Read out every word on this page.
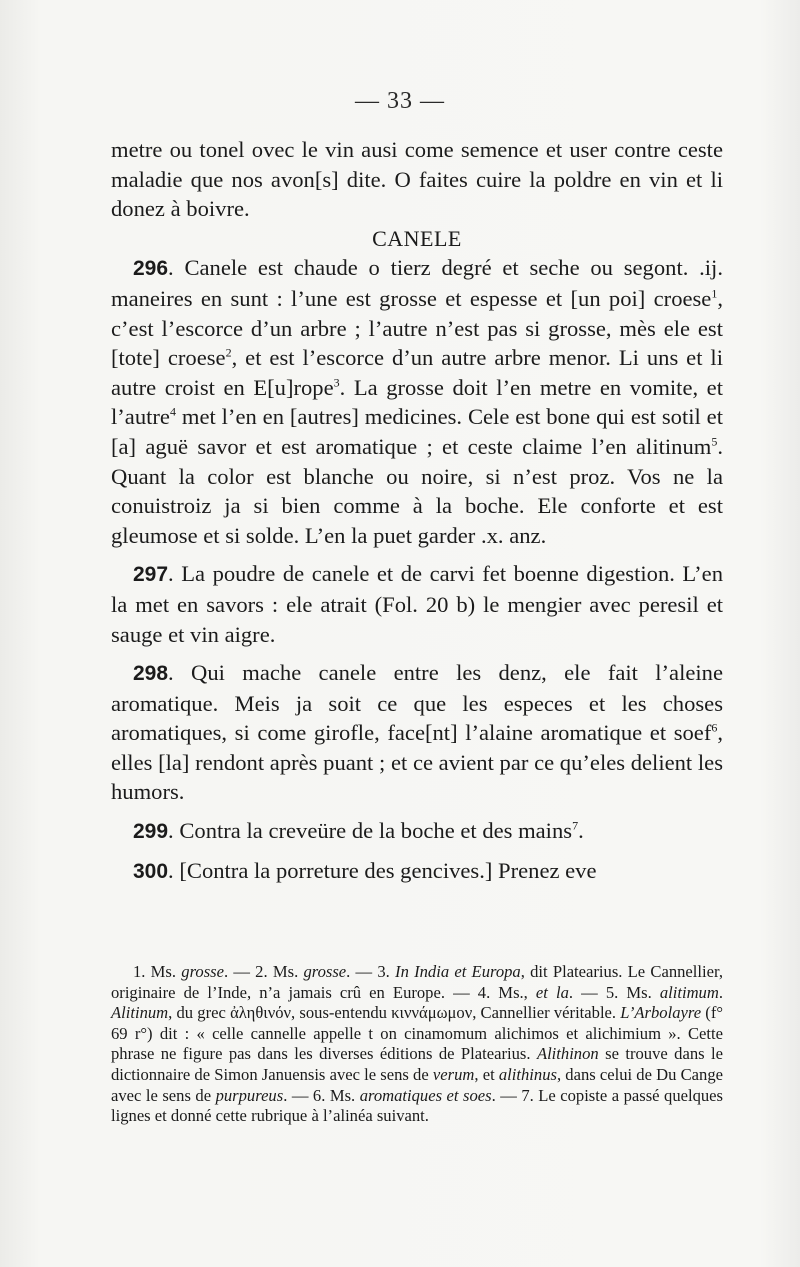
— 33 —

metre ou tonel ovec le vin ausi come semence et user contre ceste maladie que nos avon[s] dite. O faites cuire la poldre en vin et li donez à boivre.

CANELE

296. Canele est chaude o tierz degré et seche ou segont. .ij. maneires en sunt : l’une est grosse et espesse et [un poi] croese$^1$, c’est l’escorce d’un arbre ; l’autre n’est pas si grosse, mès ele est [tote] croese$^2$, et est l’escorce d’un autre arbre menor. Li uns et li autre croist en E[u]rope$^3$. La grosse doit l’en metre en vomite, et l’autre$^4$ met l’en en [autres] medicines. Cele est bone qui est sotil et [a] aguë savor et est aromatique ; et ceste claime l’en alitinum$^5$. Quant la color est blanche ou noire, si n’est proz. Vos ne la conuistroiz ja si bien comme à la boche. Ele conforte et est gleumose et si solde. L’en la puet garder .x. anz.

297. La poudre de canele et de carvi fet boenne digestion. L’en la met en savors : ele atrait (Fol. 20 b) le mengier avec peresil et sauge et vin aigre.

298. Qui mache canele entre les denz, ele fait l’aleine aromatique. Meis ja soit ce que les especes et les choses aromatiques, si come girofle, face[nt] l’alaine aromatique et soef$^6$, elles [la] rendont après puant ; et ce avient par ce qu’eles delient les humors.

299. Contra la creveüre de la boche et des mains$^7$.

300. [Contra la porreture des gencives.] Prenez eve

1. Ms. grosse. — 2. Ms. grosse. — 3. In India et Europa, dit Platearius. Le Cannellier, originaire de l’Inde, n’a jamais crû en Europe. — 4. Ms., et la. — 5. Ms. alitimum. Alitinum, du grec ἀληθινόν, sous-entendu κιννάμωμον, Cannellier véritable. L’Arbolayre (f° 69 r°) dit : « celle cannelle appelle t on cinamomum alichimos et alichimium ». Cette phrase ne figure pas dans les diverses éditions de Platearius. Alithinon se trouve dans le dictionnaire de Simon Januensis avec le sens de verum, et alithinus, dans celui de Du Cange avec le sens de purpureus. — 6. Ms. aromatiques et soes. — 7. Le copiste a passé quelques lignes et donné cette rubrique à l’alinéa suivant.
